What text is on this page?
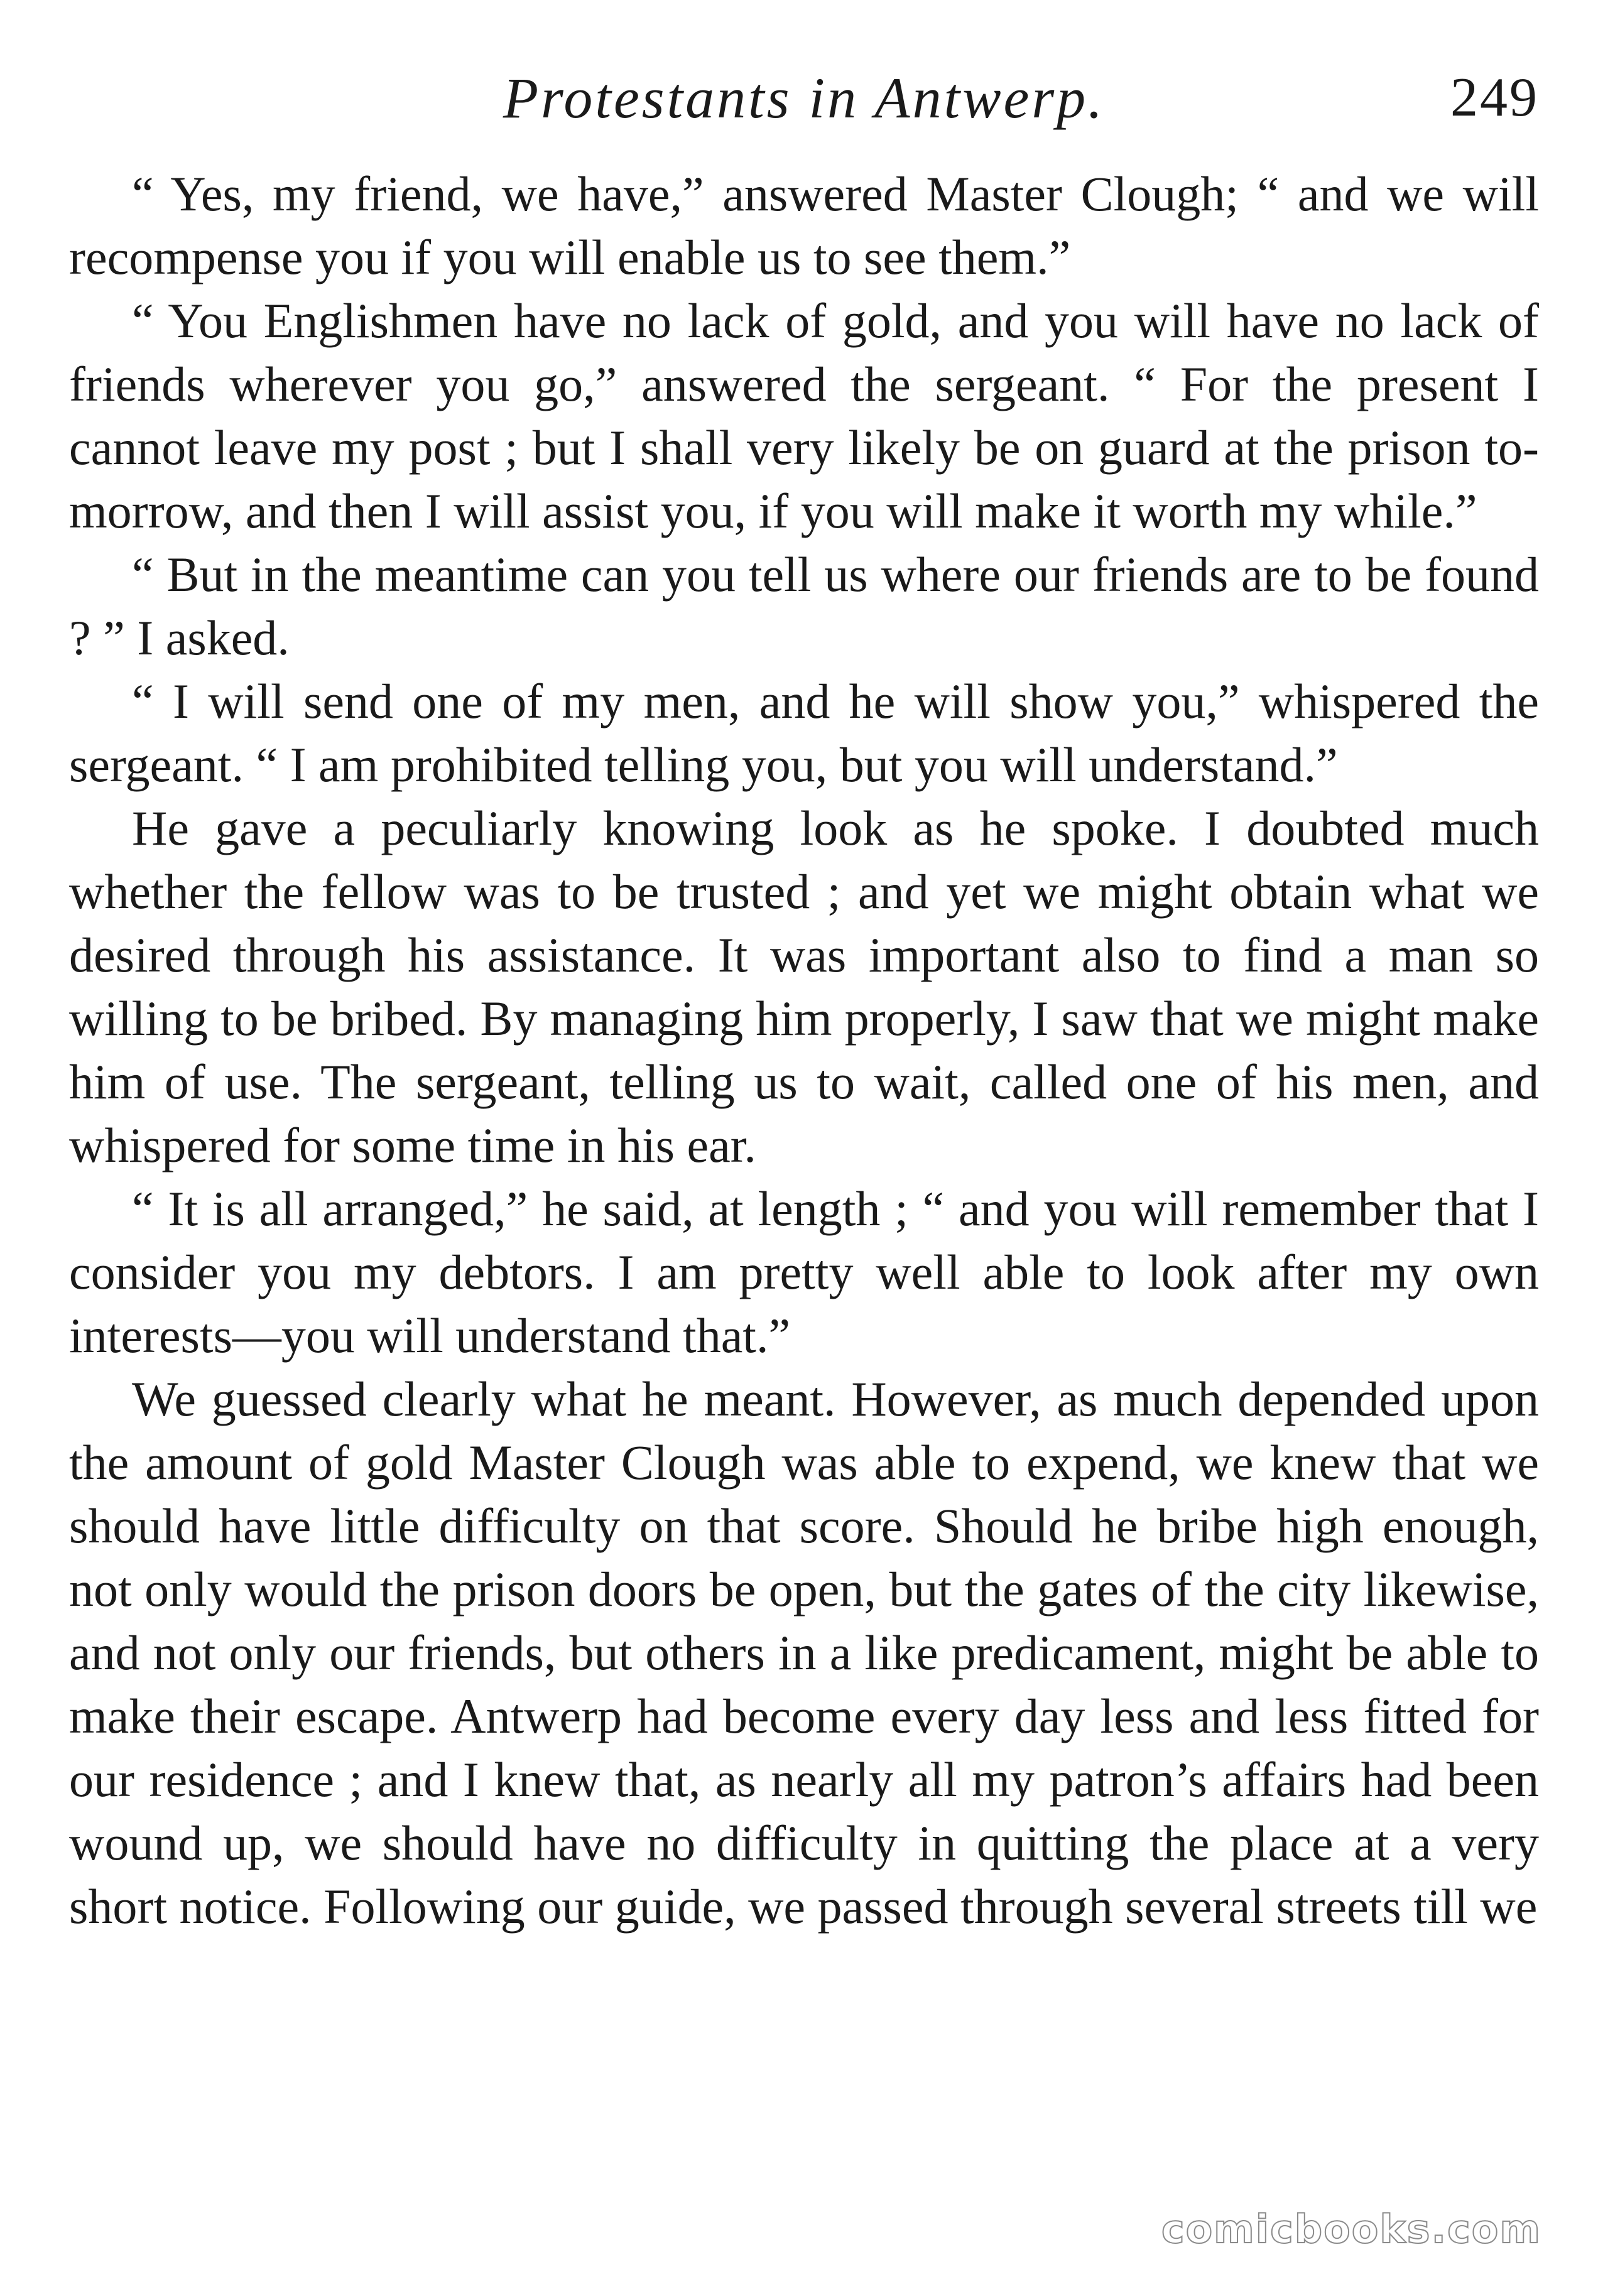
Protestants in Antwerp.	249

“ Yes, my friend, we have,” answered Master Clough; “ and we will recompense you if you will enable us to see them.”

“ You Englishmen have no lack of gold, and you will have no lack of friends wherever you go,” answered the sergeant. “ For the present I cannot leave my post ; but I shall very likely be on guard at the prison to-morrow, and then I will assist you, if you will make it worth my while.”

“ But in the meantime can you tell us where our friends are to be found ? ” I asked.

“ I will send one of my men, and he will show you,” whispered the sergeant. “ I am prohibited telling you, but you will understand.”

He gave a peculiarly knowing look as he spoke. I doubted much whether the fellow was to be trusted ; and yet we might obtain what we desired through his assistance. It was important also to find a man so willing to be bribed. By managing him properly, I saw that we might make him of use. The sergeant, telling us to wait, called one of his men, and whispered for some time in his ear.

“ It is all arranged,” he said, at length ; “ and you will remember that I consider you my debtors. I am pretty well able to look after my own interests—you will understand that.”

We guessed clearly what he meant. However, as much depended upon the amount of gold Master Clough was able to expend, we knew that we should have little difficulty on that score. Should he bribe high enough, not only would the prison doors be open, but the gates of the city likewise, and not only our friends, but others in a like predicament, might be able to make their escape. Antwerp had become every day less and less fitted for our residence ; and I knew that, as nearly all my patron’s affairs had been wound up, we should have no difficulty in quitting the place at a very short notice. Following our guide, we passed through several streets till we

comicbooks.com
